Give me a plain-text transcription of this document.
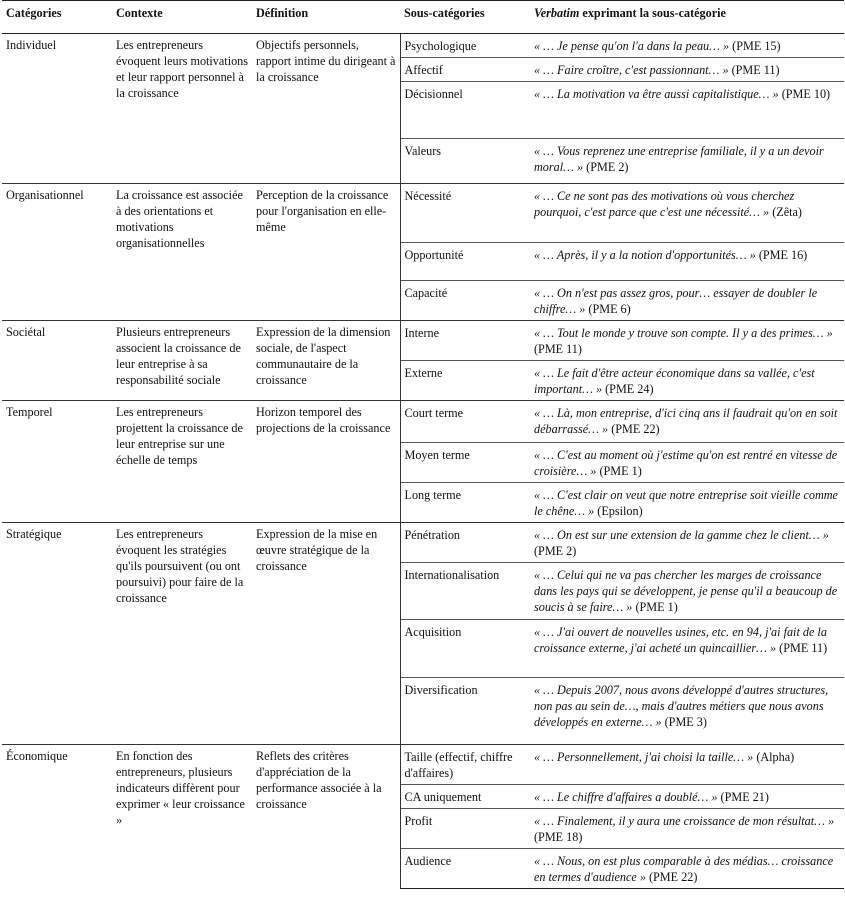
Catégories	Contexte	Définition	Sous-catégories	Verbatim exprimant la sous-catégorie
Individuel	Les entrepreneurs évoquent leurs motivations et leur rapport personnel à la croissance	Objectifs personnels, rapport intime du dirigeant à la croissance	Psychologique	« … Je pense qu'on l'a dans la peau… » (PME 15)
			Affectif	« … Faire croître, c'est passionnant… » (PME 11)
			Décisionnel	« … La motivation va être aussi capitalistique… » (PME 10)
			Valeurs	« … Vous reprenez une entreprise familiale, il y a un devoir moral… » (PME 2)
Organisationnel	La croissance est associée à des orientations et motivations organisationnelles	Perception de la croissance pour l'organisation en elle-même	Nécessité	« … Ce ne sont pas des motivations où vous cherchez pourquoi, c'est parce que c'est une nécessité… » (Zêta)
			Opportunité	« … Après, il y a la notion d'opportunités… » (PME 16)
			Capacité	« … On n'est pas assez gros, pour… essayer de doubler le chiffre… » (PME 6)
Sociétal	Plusieurs entrepreneurs associent la croissance de leur entreprise à sa responsabilité sociale	Expression de la dimension sociale, de l'aspect communautaire de la croissance	Interne	« … Tout le monde y trouve son compte. Il y a des primes… » (PME 11)
			Externe	« … Le fait d'être acteur économique dans sa vallée, c'est important… » (PME 24)
Temporel	Les entrepreneurs projettent la croissance de leur entreprise sur une échelle de temps	Horizon temporel des projections de la croissance	Court terme	« … Là, mon entreprise, d'ici cinq ans il faudrait qu'on en soit débarrassé… » (PME 22)
			Moyen terme	« … C'est au moment où j'estime qu'on est rentré en vitesse de croisière… » (PME 1)
			Long terme	« … C'est clair on veut que notre entreprise soit vieille comme le chêne… » (Epsilon)
Stratégique	Les entrepreneurs évoquent les stratégies qu'ils poursuivent (ou ont poursuivi) pour faire de la croissance	Expression de la mise en œuvre stratégique de la croissance	Pénétration	« … On est sur une extension de la gamme chez le client… » (PME 2)
			Internationalisation	« … Celui qui ne va pas chercher les marges de croissance dans les pays qui se développent, je pense qu'il a beaucoup de soucis à se faire… » (PME 1)
			Acquisition	« … J'ai ouvert de nouvelles usines, etc. en 94, j'ai fait de la croissance externe, j'ai acheté un quincaillier… » (PME 11)
			Diversification	« … Depuis 2007, nous avons développé d'autres structures, non pas au sein de…, mais d'autres métiers que nous avons développés en externe… » (PME 3)
Économique	En fonction des entrepreneurs, plusieurs indicateurs diffèrent pour exprimer « leur croissance »	Reflets des critères d'appréciation de la performance associée à la croissance	Taille (effectif, chiffre d'affaires)	« … Personnellement, j'ai choisi la taille… » (Alpha)
			CA uniquement	« … Le chiffre d'affaires a doublé… » (PME 21)
			Profit	« … Finalement, il y aura une croissance de mon résultat… » (PME 18)
			Audience	« … Nous, on est plus comparable à des médias… croissance en termes d'audience » (PME 22)
